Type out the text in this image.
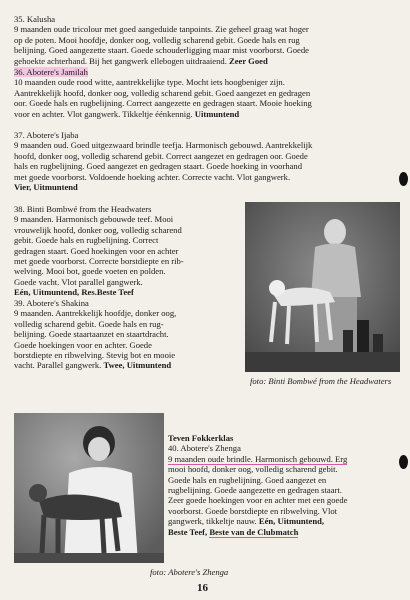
35. Kalusha

9 maanden oude tricolour met goed aangeduide tanpoints. Zie geheel graag wat hoger

op de poten. Mooi hoofdje, donker oog, volledig scharend gebit. Goede hals en rug

belijning. Goed aangezette staart. Goede schouderligging maar mist voorborst. Goede

gehoekte achterhand. Bij het gangwerk ellebogen uitdraaiend. Zeer Goed

36. Abotere's Jamilah

10 maanden oude rood witte, aantrekkelijke type. Mocht iets hoogbeniger zijn.

Aantrekkelijk hoofd, donker oog, volledig scharend gebit. Goed aangezet en gedragen

oor. Goede hals en rugbelijning. Correct aangezette en gedragen staart. Mooie hoeking

voor en achter. Vlot gangwerk. Tikkeltje éénkennig. Uitmuntend

37. Abotere's Ijaba

9 maanden oud. Goed uitgezwaard brindle teefja. Harmonisch gebouwd. Aantrekkelijk

hoofd, donker oog, volledig scharend gebit. Correct aangezet en gedragen oor. Goede

hals en rugbelijning. Goed aangezet en gedragen staart. Goede hoeking in voorhand

met goede voorborst. Voldoende hoeking achter. Correcte vacht. Vlot gangwerk.

Vier, Uitmuntend

38. Binti Bombwé from the Headwaters

9 maanden. Harmonisch gebouwde teef. Mooi

vrouwelijk hoofd, donker oog, volledig scharend

gebit. Goede hals en rugbelijning. Correct

gedragen staart. Goed hoekingen voor en achter

met goede voorborst. Correcte borstdiepte en rib-

welving. Mooi bot, goede voeten en polden.

Goede vacht. Vlot parallel gangwerk.

Eén, Uitmuntend, Res.Beste Teef

39. Abotere's Shakina

9 maanden. Aantrekkelijk hoofdje, donker oog,

volledig scharend gebit. Goede hals en rug-

belijning. Goede staartaanzet en staartdracht.

Goede hoekingen voor en achter. Goede

borstdiepte en ribwelving. Stevig bot en mooie

vacht. Parallel gangwerk. Twee, Uitmuntend

foto: Binti Bombwé from the Headwaters

Teven Fokkerklas

40. Abotere's Zhenga

9 maanden oude brindle. Harmonisch gebouwd. Erg

mooi hoofd, donker oog, volledig scharend gebit.

Goede hals en rugbelijning. Goed aangezet en

rugbelijning. Goede aangezette en gedragen staart.

Zeer goede hoekingen voor en achter met een goede

voorborst. Goede borstdiepte en ribwelving. Vlot

gangwerk, tikkeltje nauw. Eén, Uitmuntend,

Beste Teef, Beste van de Clubmatch

foto: Abotere's Zhenga
16
